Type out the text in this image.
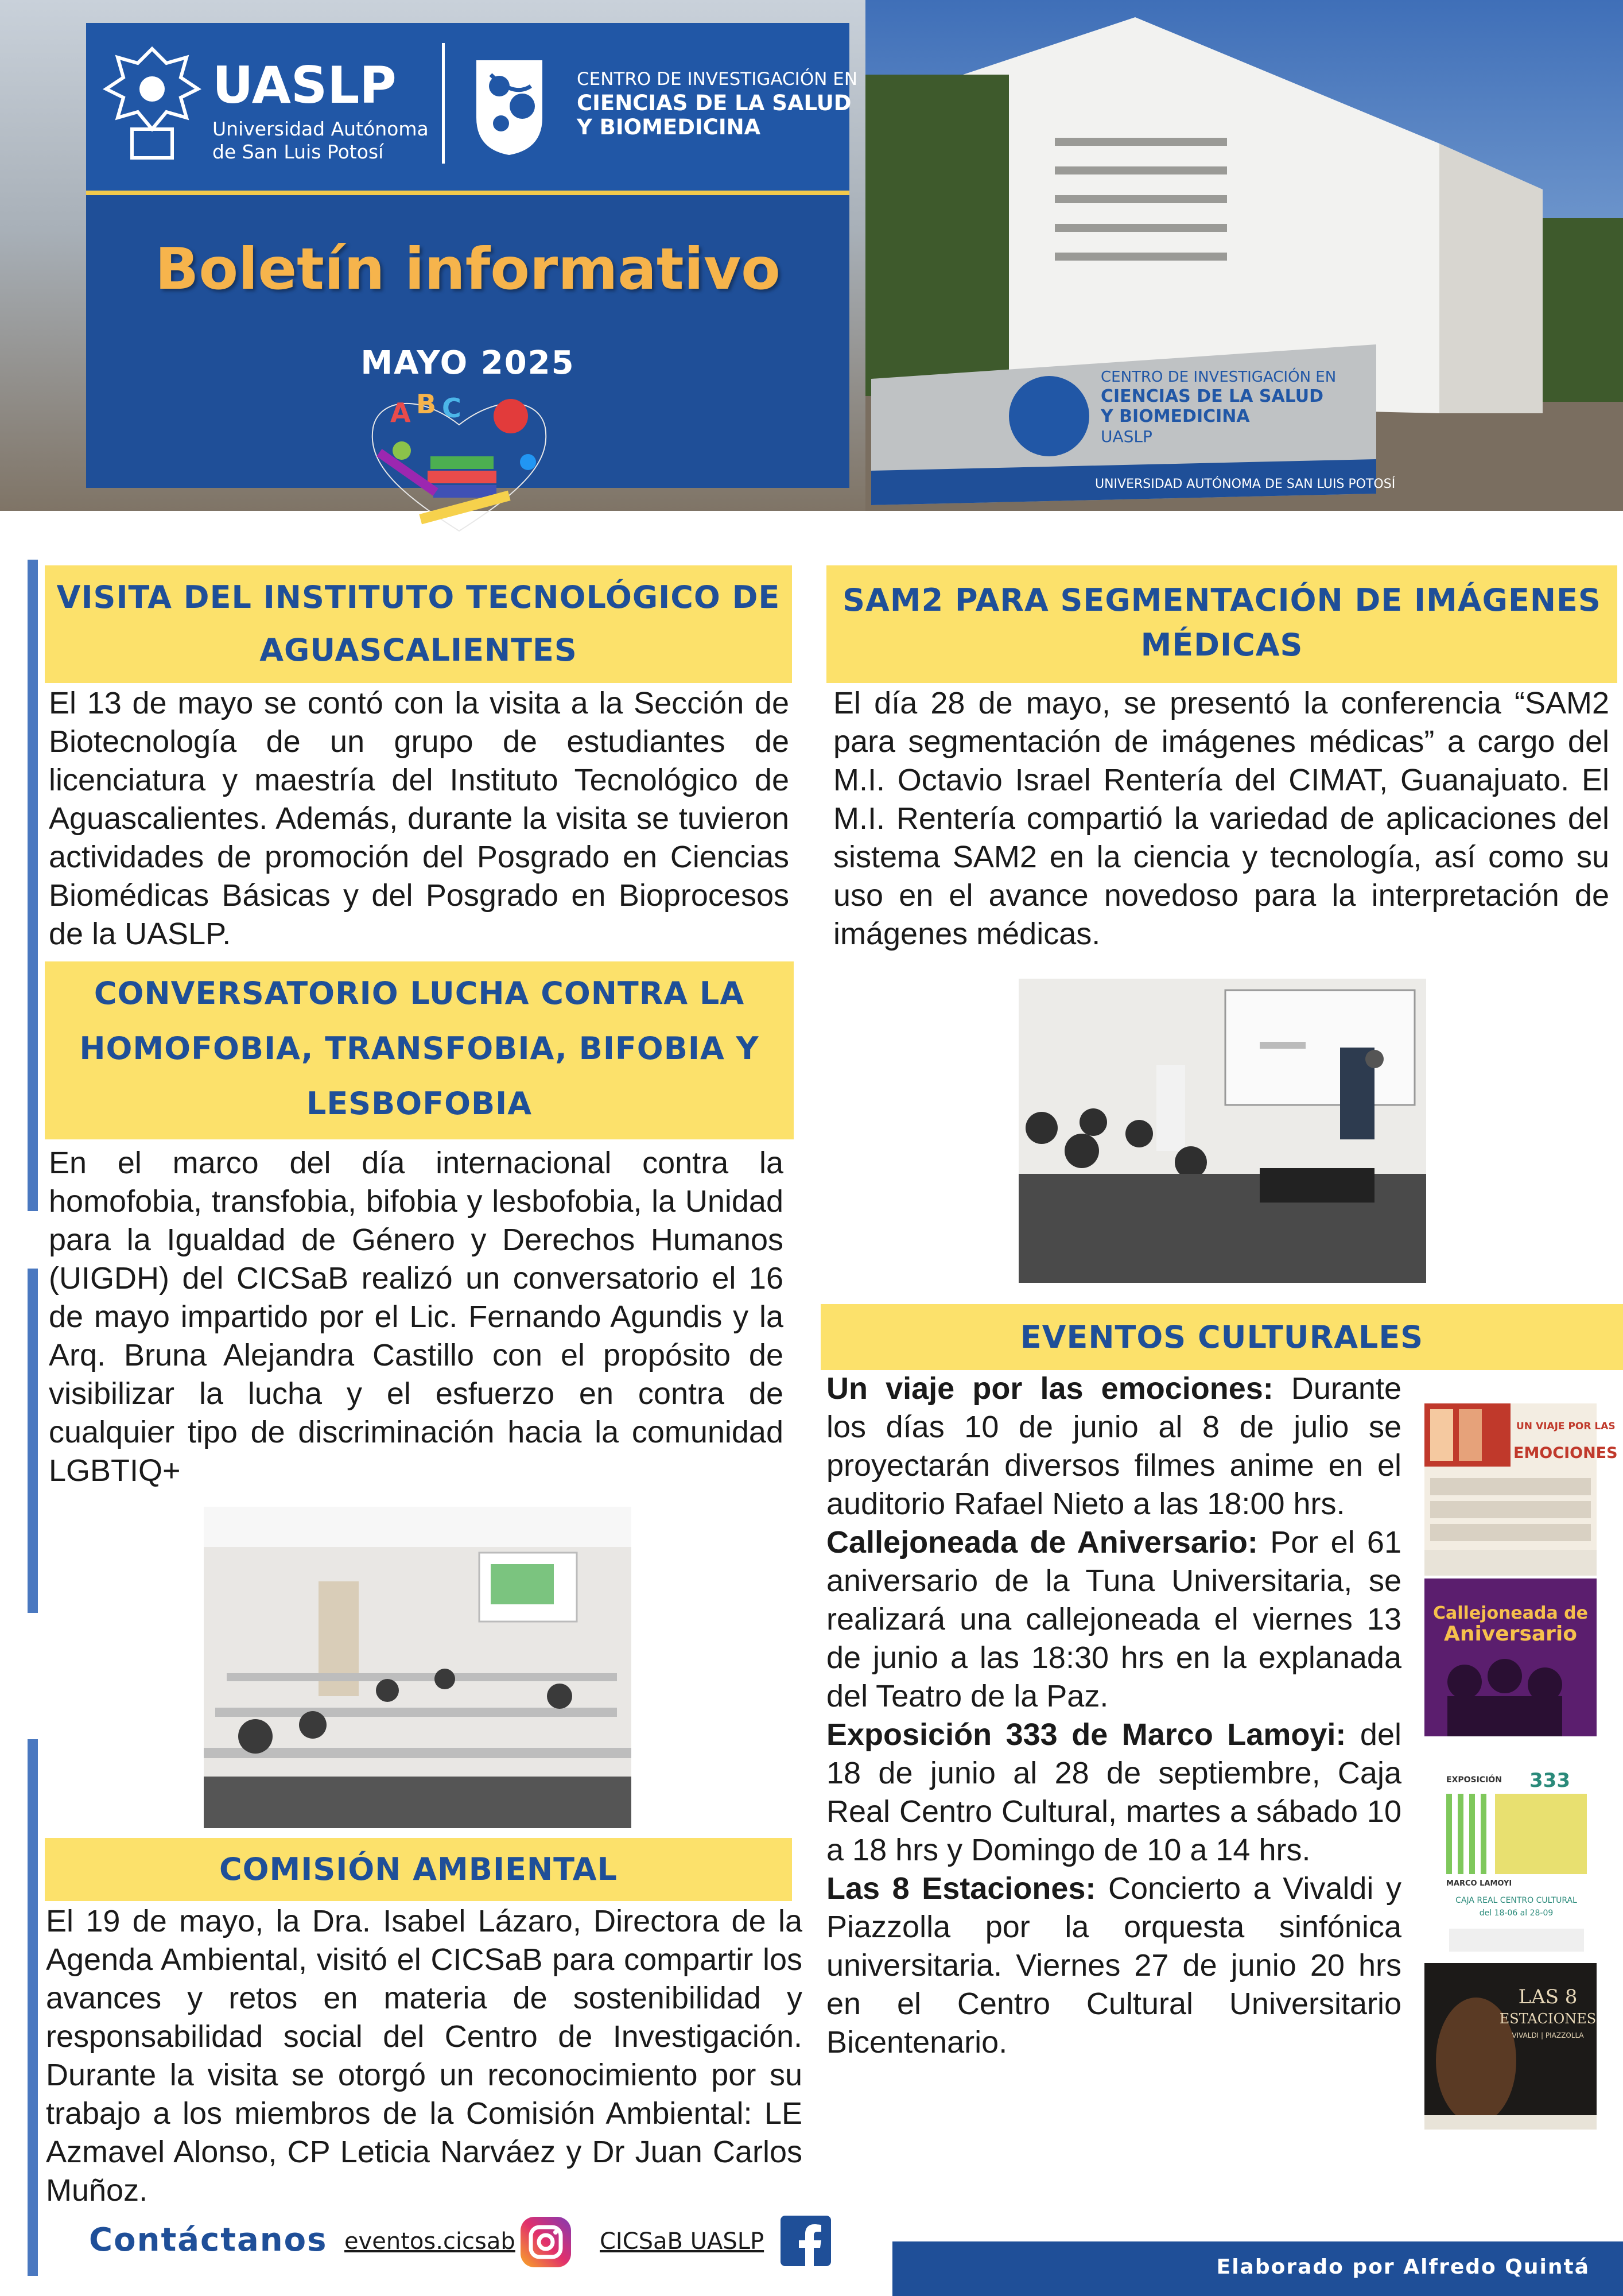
UASLP
Universidad Autónoma
de San Luis Potosí
CENTRO DE INVESTIGACIÓN EN
CIENCIAS DE LA SALUD
Y BIOMEDICINA
Boletín informativo
MAYO 2025
A B C
CENTRO DE INVESTIGACIÓN EN
CIENCIAS DE LA SALUD
Y BIOMEDICINA
UASLP
UNIVERSIDAD AUTÓNOMA DE SAN LUIS POTOSÍ
VISITA DEL INSTITUTO TECNOLÓGICO DE AGUASCALIENTES
El 13 de mayo se contó con la visita a la Sección de Biotecnología de un grupo de estudiantes de licenciatura y maestría del Instituto Tecnológico de Aguascalientes. Además, durante la visita se tuvieron actividades de promoción del Posgrado en Ciencias Biomédicas Básicas y del Posgrado en Bioprocesos de la UASLP.
CONVERSATORIO LUCHA CONTRA LA HOMOFOBIA, TRANSFOBIA, BIFOBIA Y LESBOFOBIA
En el marco del día internacional contra la homofobia, transfobia, bifobia y lesbofobia, la Unidad para la Igualdad de Género y Derechos Humanos (UIGDH) del CICSaB realizó un conversatorio el 16 de mayo impartido por el Lic. Fernando Agundis y la Arq. Bruna Alejandra Castillo con el propósito de visibilizar la lucha y el esfuerzo en contra de cualquier tipo de discriminación hacia la comunidad LGBTIQ+
COMISIÓN AMBIENTAL
El 19 de mayo, la Dra. Isabel Lázaro, Directora de la Agenda Ambiental, visitó el CICSaB para compartir los avances y retos en materia de sostenibilidad y responsabilidad social del Centro de Investigación. Durante la visita se otorgó un reconocimiento por su trabajo a los miembros de la Comisión Ambiental: LE Azmavel Alonso, CP Leticia Narváez y Dr Juan Carlos Muñoz.
SAM2 PARA SEGMENTACIÓN DE IMÁGENES MÉDICAS
El día 28 de mayo, se presentó la conferencia “SAM2 para segmentación de imágenes médicas” a cargo del M.I. Octavio Israel Rentería del CIMAT, Guanajuato. El M.I. Rentería compartió la variedad de aplicaciones del sistema SAM2 en la ciencia y tecnología, así como su uso en el avance novedoso para la interpretación de imágenes médicas.
EVENTOS CULTURALES
Un viaje por las emociones: Durante los días 10 de junio al 8 de julio se proyectarán diversos filmes anime en el auditorio Rafael Nieto a las 18:00 hrs.
Callejoneada de Aniversario: Por el 61 aniversario de la Tuna Universitaria, se realizará una callejoneada el viernes 13 de junio a las 18:30 hrs en la explanada del Teatro de la Paz.
Exposición 333 de Marco Lamoyi: del 18 de junio al 28 de septiembre, Caja Real Centro Cultural, martes a sábado 10 a 18 hrs y Domingo de 10 a 14 hrs.
Las 8 Estaciones: Concierto a Vivaldi y Piazzolla por la orquesta sinfónica universitaria. Viernes 27 de junio 20 hrs en el Centro Cultural Universitario Bicentenario.
UN VIAJE POR LAS
EMOCIONES
Callejoneada de
Aniversario
EXPOSICIÓN 333
MARCO LAMOYI
CAJA REAL CENTRO CULTURAL
del 18-06 al 28-09
LAS 8
ESTACIONES
VIVALDI | PIAZZOLLA
Contáctanos eventos.cicsab	CICSaB UASLP
Elaborado por Alfredo Quintá
